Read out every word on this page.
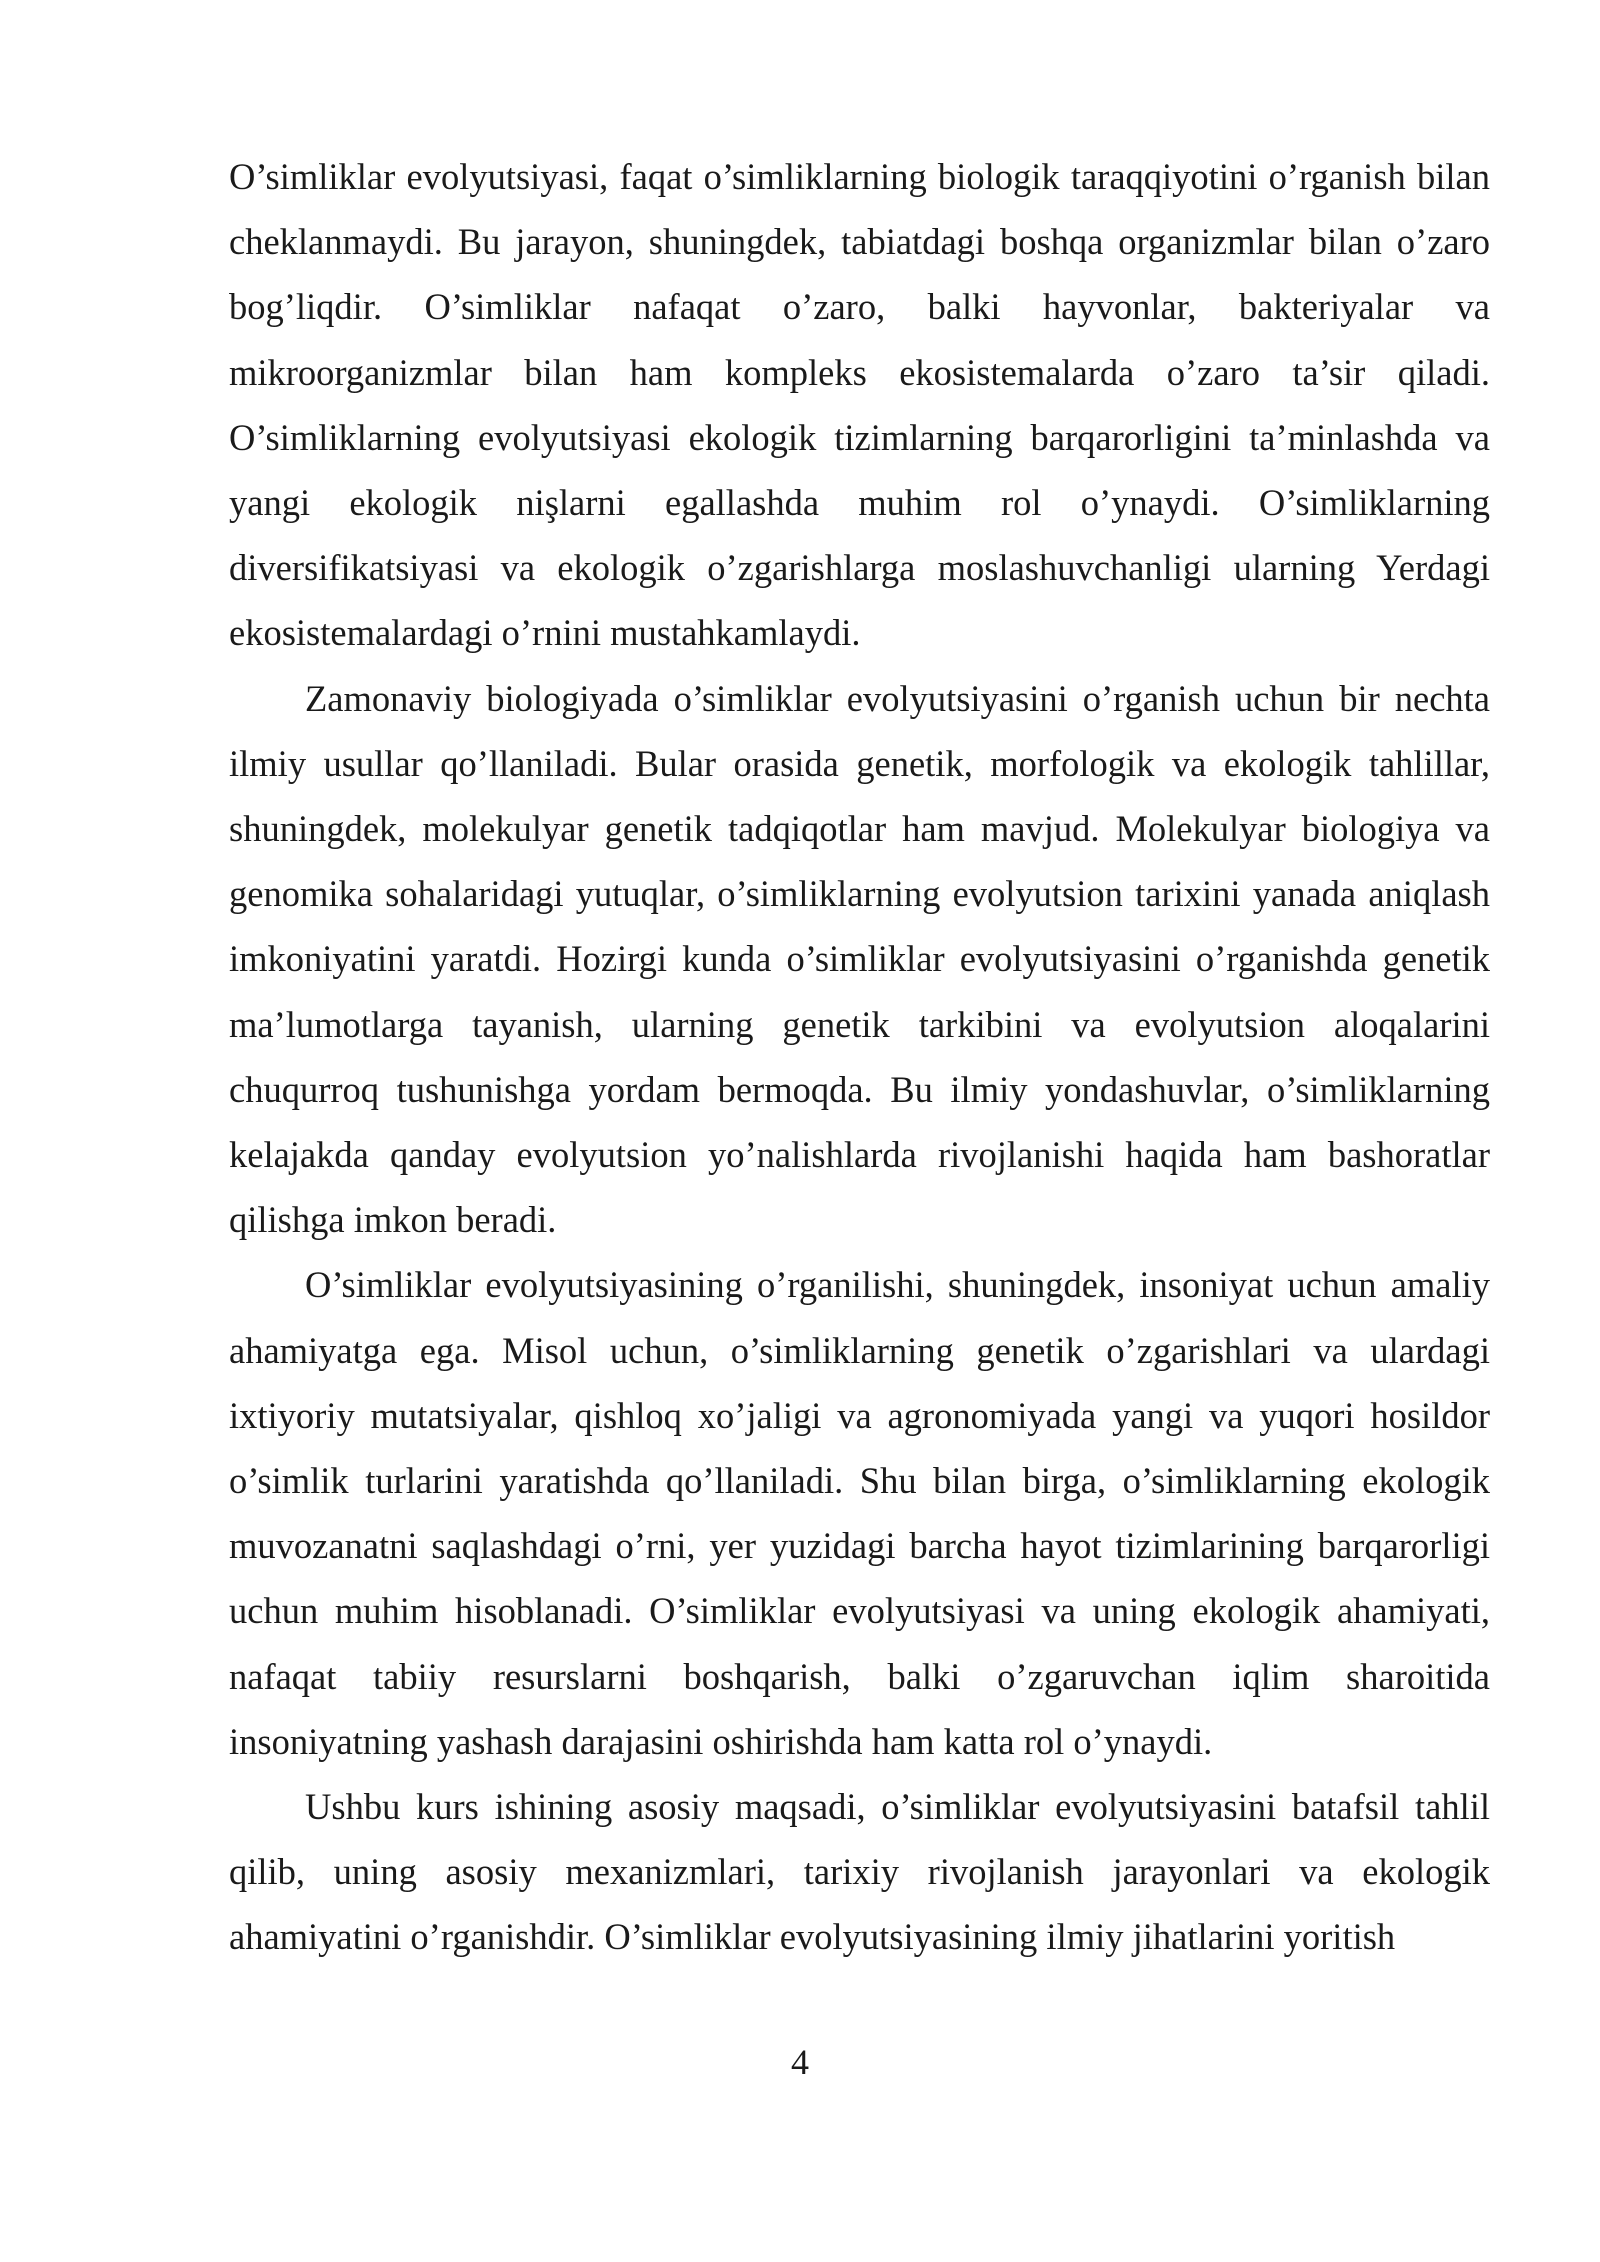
O’simliklar evolyutsiyasi, faqat o’simliklarning biologik taraqqiyotini o’rganish bilan cheklanmaydi. Bu jarayon, shuningdek, tabiatdagi boshqa organizmlar bilan o’zaro bog’liqdir. O’simliklar nafaqat o’zaro, balki hayvonlar, bakteriyalar va mikroorganizmlar bilan ham kompleks ekosistemalarda o’zaro ta’sir qiladi. O’simliklarning evolyutsiyasi ekologik tizimlarning barqarorligini ta’minlashda va yangi ekologik nişlarni egallashda muhim rol o’ynaydi. O’simliklarning diversifikatsiyasi va ekologik o’zgarishlarga moslashuvchanligi ularning Yerdagi ekosistemalardagi o’rnini mustahkamlaydi.

Zamonaviy biologiyada o’simliklar evolyutsiyasini o’rganish uchun bir nechta ilmiy usullar qo’llaniladi. Bular orasida genetik, morfologik va ekologik tahlillar, shuningdek, molekulyar genetik tadqiqotlar ham mavjud. Molekulyar biologiya va genomika sohalaridagi yutuqlar, o’simliklarning evolyutsion tarixini yanada aniqlash imkoniyatini yaratdi. Hozirgi kunda o’simliklar evolyutsiyasini o’rganishda genetik ma’lumotlarga tayanish, ularning genetik tarkibini va evolyutsion aloqalarini chuqurroq tushunishga yordam bermoqda. Bu ilmiy yondashuvlar, o’simliklarning kelajakda qanday evolyutsion yo’nalishlarda rivojlanishi haqida ham bashoratlar qilishga imkon beradi.

O’simliklar evolyutsiyasining o’rganilishi, shuningdek, insoniyat uchun amaliy ahamiyatga ega. Misol uchun, o’simliklarning genetik o’zgarishlari va ulardagi ixtiyoriy mutatsiyalar, qishloq xo’jaligi va agronomiyada yangi va yuqori hosildor o’simlik turlarini yaratishda qo’llaniladi. Shu bilan birga, o’simliklarning ekologik muvozanatni saqlashdagi o’rni, yer yuzidagi barcha hayot tizimlarining barqarorligi uchun muhim hisoblanadi. O’simliklar evolyutsiyasi va uning ekologik ahamiyati, nafaqat tabiiy resurslarni boshqarish, balki o’zgaruvchan iqlim sharoitida insoniyatning yashash darajasini oshirishda ham katta rol o’ynaydi.

Ushbu kurs ishining asosiy maqsadi, o’simliklar evolyutsiyasini batafsil tahlil qilib, uning asosiy mexanizmlari, tarixiy rivojlanish jarayonlari va ekologik ahamiyatini o’rganishdir. O’simliklar evolyutsiyasining ilmiy jihatlarini yoritish

4
